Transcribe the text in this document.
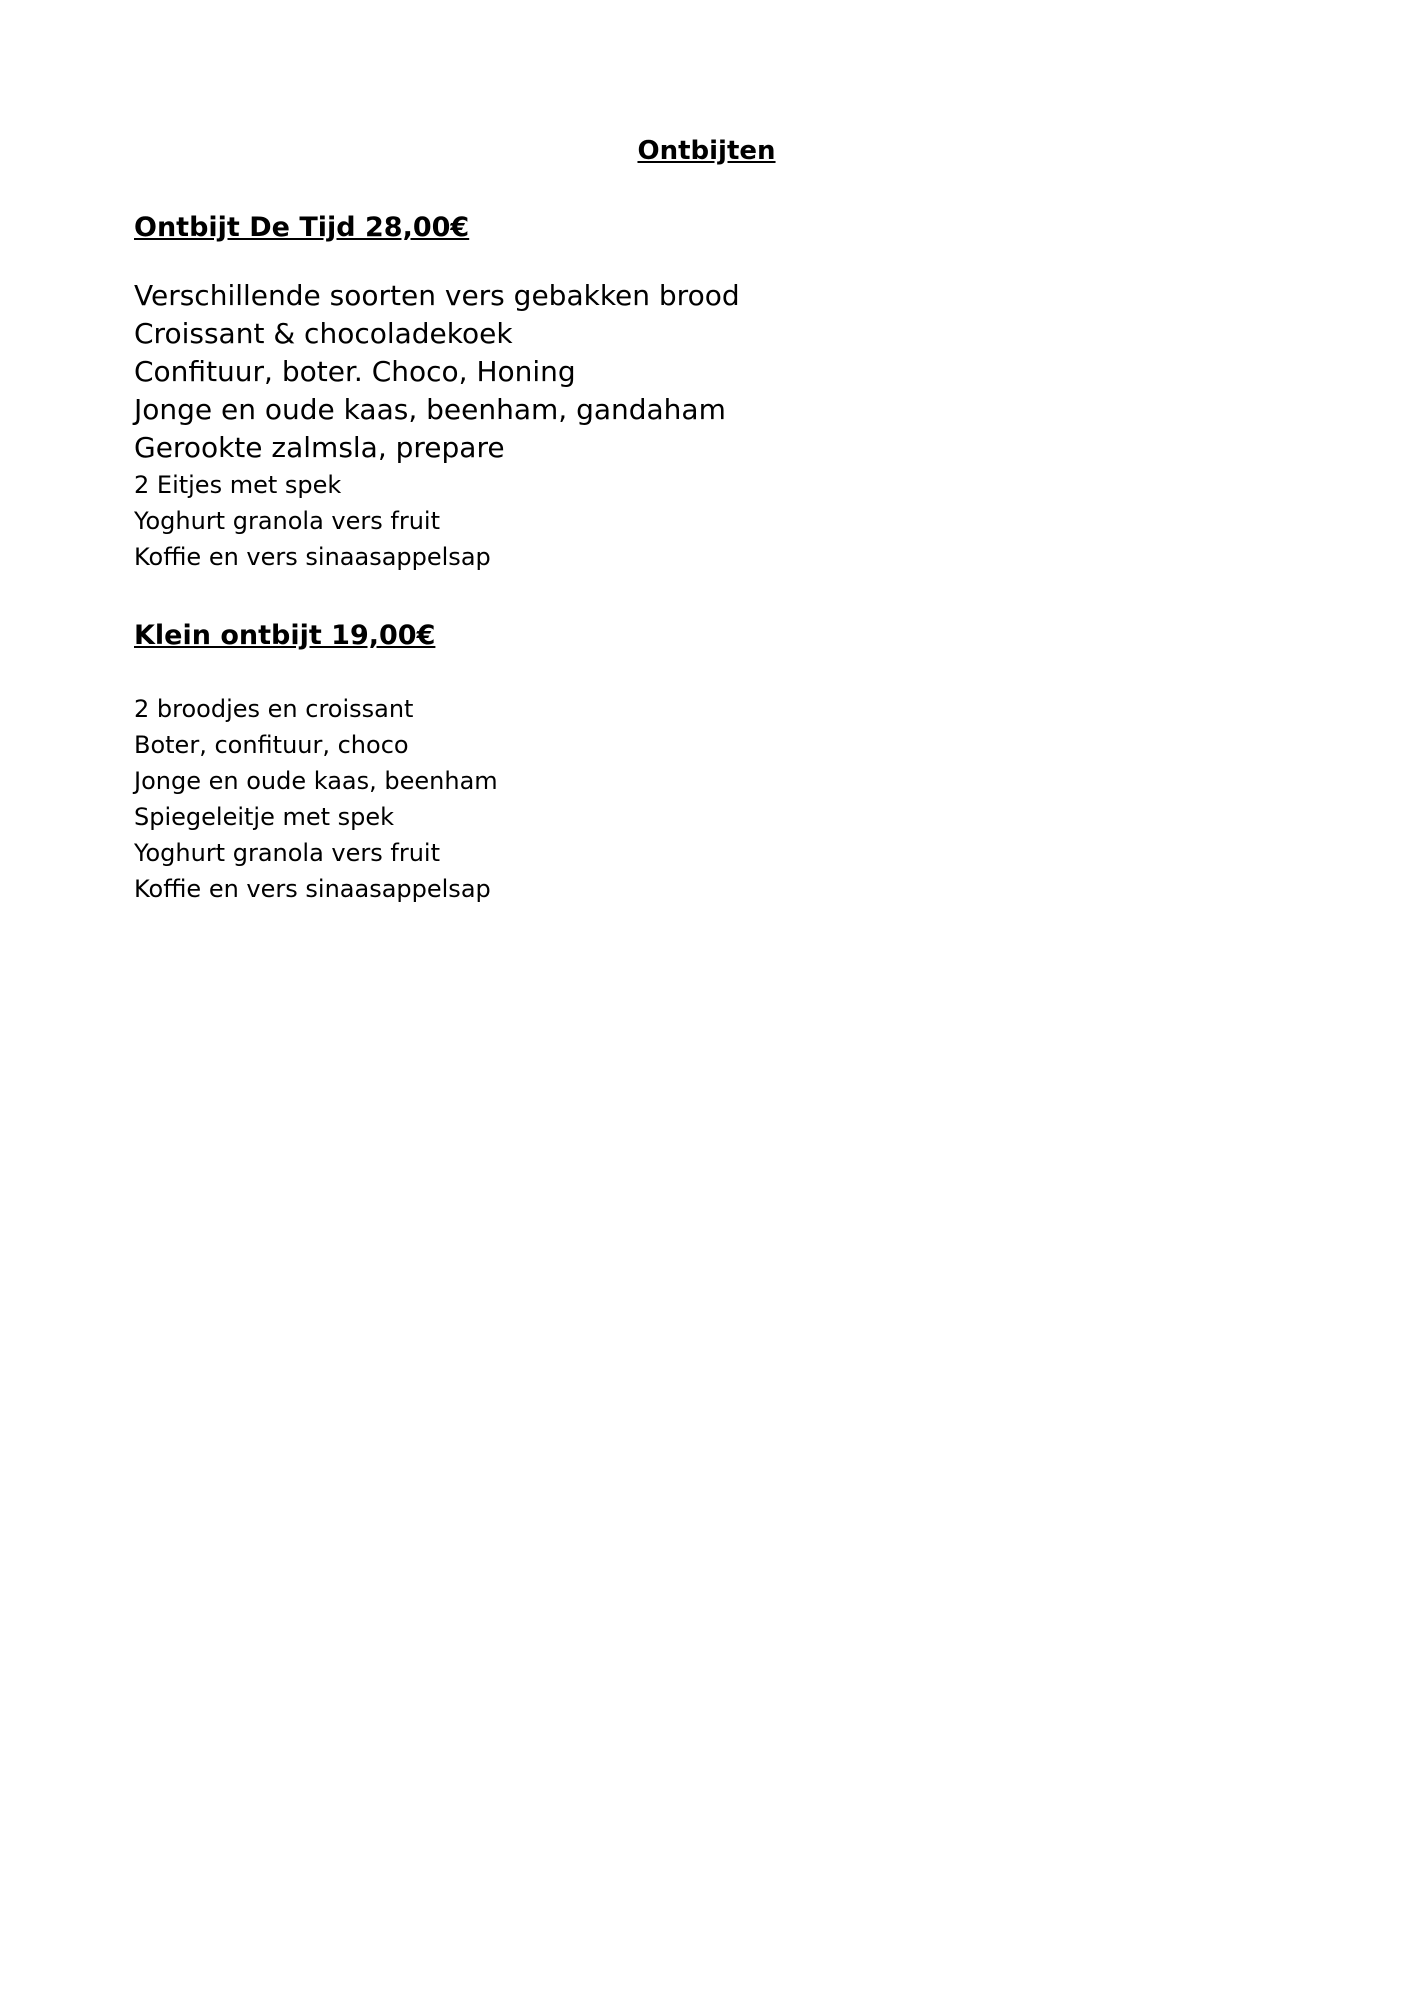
Ontbijten
Ontbijt De Tijd 28,00€
Verschillende soorten vers gebakken brood
Croissant & chocoladekoek
Confituur, boter. Choco, Honing
Jonge en oude kaas, beenham, gandaham
Gerookte zalmsla, prepare
2 Eitjes met spek
Yoghurt granola vers fruit
Koffie en vers sinaasappelsap
Klein ontbijt 19,00€
2 broodjes en croissant
Boter, confituur, choco
Jonge en oude kaas, beenham
Spiegeleitje met spek
Yoghurt granola vers fruit
Koffie en vers sinaasappelsap
